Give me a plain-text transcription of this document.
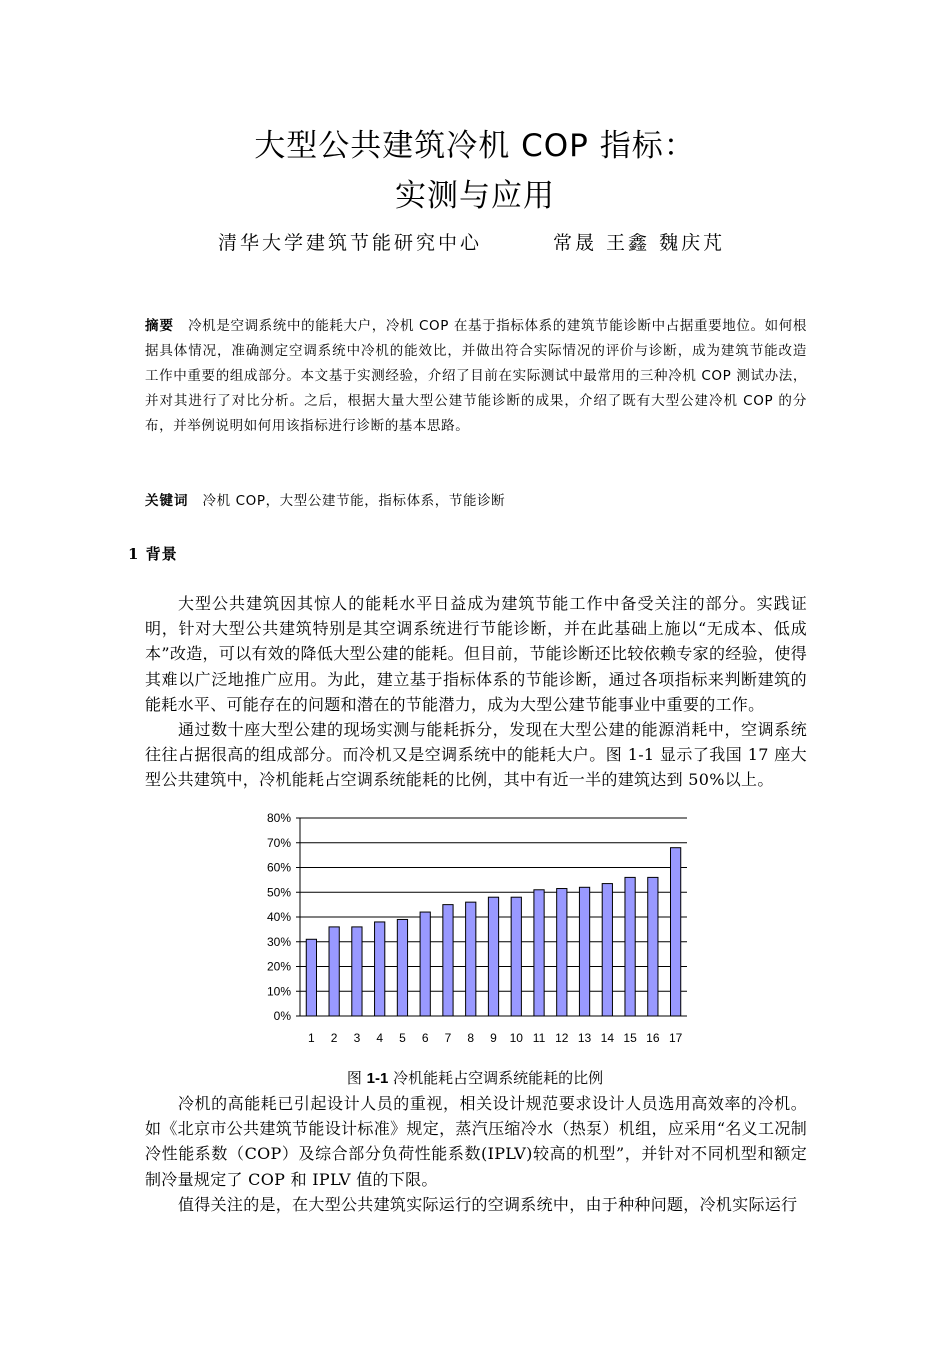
大型公共建筑冷机 COP 指标：
实测与应用
清华大学建筑节能研究中心	常晟 王鑫 魏庆芃
摘要 冷机是空调系统中的能耗大户，冷机 COP 在基于指标体系的建筑节能诊断中占据重要地位。如何根据具体情况，准确测定空调系统中冷机的能效比，并做出符合实际情况的评价与诊断，成为建筑节能改造工作中重要的组成部分。本文基于实测经验，介绍了目前在实际测试中最常用的三种冷机 COP 测试办法，并对其进行了对比分析。之后，根据大量大型公建节能诊断的成果，介绍了既有大型公建冷机 COP 的分布，并举例说明如何用该指标进行诊断的基本思路。
关键词 冷机 COP，大型公建节能，指标体系，节能诊断
1 背景

大型公共建筑因其惊人的能耗水平日益成为建筑节能工作中备受关注的部分。实践证明，针对大型公共建筑特别是其空调系统进行节能诊断，并在此基础上施以“无成本、低成本”改造，可以有效的降低大型公建的能耗。但目前，节能诊断还比较依赖专家的经验，使得其难以广泛地推广应用。为此，建立基于指标体系的节能诊断，通过各项指标来判断建筑的能耗水平、可能存在的问题和潜在的节能潜力，成为大型公建节能事业中重要的工作。

通过数十座大型公建的现场实测与能耗拆分，发现在大型公建的能源消耗中，空调系统往往占据很高的组成部分。而冷机又是空调系统中的能耗大户。图 1-1 显示了我国 17 座大型公共建筑中，冷机能耗占空调系统能耗的比例，其中有近一半的建筑达到 50%以上。

0%
10%
20%
30%
40%
50%
60%
70%
80%
1 2 3 4 5 6 7 8 9 10 11 12 13 14 15 16 17
图 1-1 冷机能耗占空调系统能耗的比例

冷机的高能耗已引起设计人员的重视，相关设计规范要求设计人员选用高效率的冷机。如《北京市公共建筑节能设计标准》规定，蒸汽压缩冷水（热泵）机组，应采用“名义工况制冷性能系数（COP）及综合部分负荷性能系数(IPLV)较高的机型”，并针对不同机型和额定制冷量规定了 COP 和 IPLV 值的下限。

值得关注的是，在大型公共建筑实际运行的空调系统中，由于种种问题，冷机实际运行
